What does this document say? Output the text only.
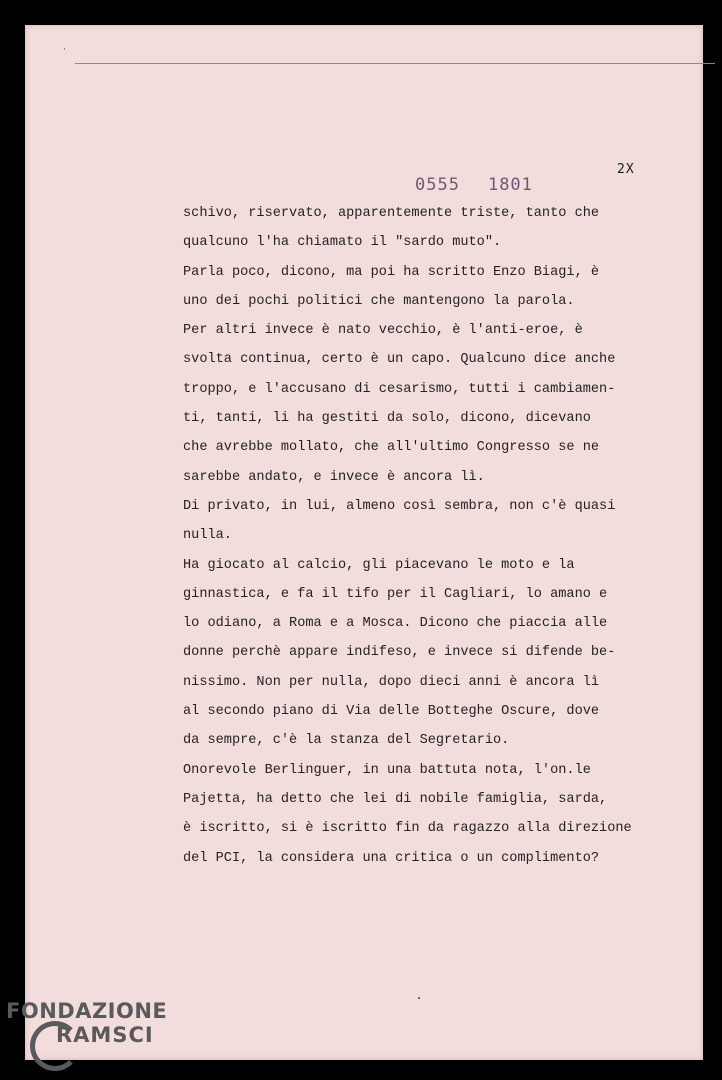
·
2X
0555 1801
schivo, riservato, apparentemente triste, tanto che
qualcuno l'ha chiamato il "sardo muto".
Parla poco, dicono, ma poi ha scritto Enzo Biagi, è
uno dei pochi politici che mantengono la parola.
Per altri invece è nato vecchio, è l'anti-eroe, è
svolta continua, certo è un capo. Qualcuno dice anche
troppo, e l'accusano di cesarismo, tutti i cambiamen-
ti, tanti, li ha gestiti da solo, dicono, dicevano
che avrebbe mollato, che all'ultimo Congresso se ne
sarebbe andato, e invece è ancora lì.
Di privato, in lui, almeno così sembra, non c'è quasi
nulla.
Ha giocato al calcio, gli piacevano le moto e la
ginnastica, e fa il tifo per il Cagliari, lo amano e
lo odiano, a Roma e a Mosca. Dicono che piaccia alle
donne perchè appare indifeso, e invece si difende be-
nissimo. Non per nulla, dopo dieci anni è ancora lì
al secondo piano di Via delle Botteghe Oscure, dove
da sempre, c'è la stanza del Segretario.
Onorevole Berlinguer, in una battuta nota, l'on.le
Pajetta, ha detto che lei di nobile famiglia, sarda,
è iscritto, si è iscritto fin da ragazzo alla direzione
del PCI, la considera una critica o un complimento?
FONDAZIONE
RAMSCI
